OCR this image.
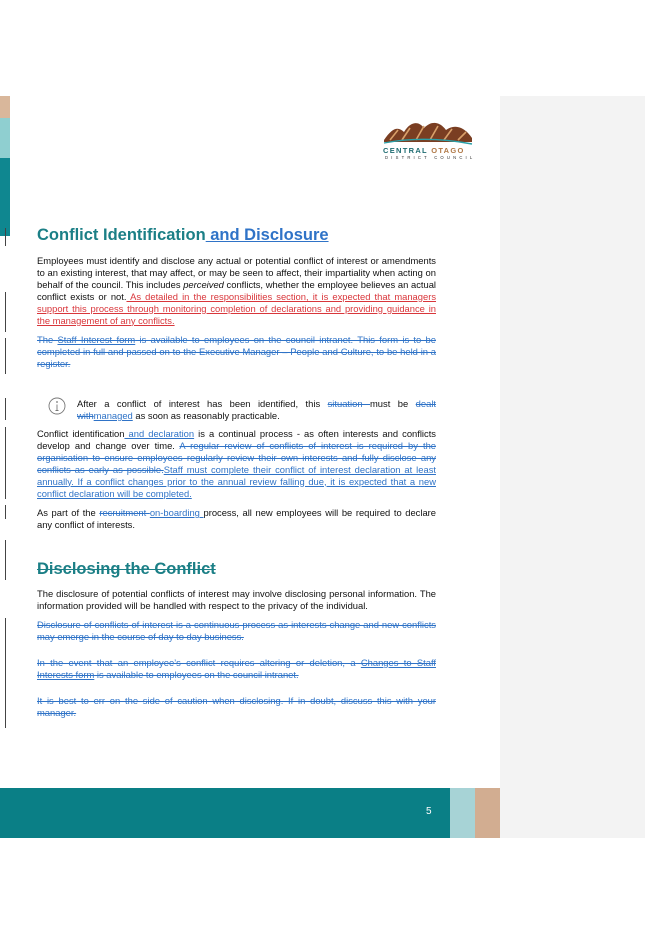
CENTRAL OTAGO
DISTRICT COUNCIL
Conflict Identification and Disclosure

Employees must identify and disclose any actual or potential conflict of interest or amendments to an existing interest, that may affect, or may be seen to affect, their impartiality when acting on behalf of the council. This includes perceived conflicts, whether the employee believes an actual conflict exists or not. As detailed in the responsibilities section, it is expected that managers support this process through monitoring completion of declarations and providing guidance in the management of any conflicts.

The Staff Interest form is available to employees on the council intranet. This form is to be completed in full and passed on to the Executive Manager – People and Culture, to be held in a register.

After a conflict of interest has been identified, this situation must be dealt withmanaged as soon as reasonably practicable.

Conflict identification and declaration is a continual process - as often interests and conflicts develop and change over time. A regular review of conflicts of interest is required by the organisation to ensure employees regularly review their own interests and fully disclose any conflicts as early as possible.Staff must complete their conflict of interest declaration at least annually. If a conflict changes prior to the annual review falling due, it is expected that a new conflict declaration will be completed.

As part of the recruitment on-boarding process, all new employees will be required to declare any conflict of interests.

Disclosing the Conflict

The disclosure of potential conflicts of interest may involve disclosing personal information. The information provided will be handled with respect to the privacy of the individual.

Disclosure of conflicts of interest is a continuous process as interests change and new conflicts may emerge in the course of day to day business.

In the event that an employee’s conflict requires altering or deletion, a Changes to Staff Interests form is available to employees on the council intranet.

It is best to err on the side of caution when disclosing. If in doubt, discuss this with your manager.

5
